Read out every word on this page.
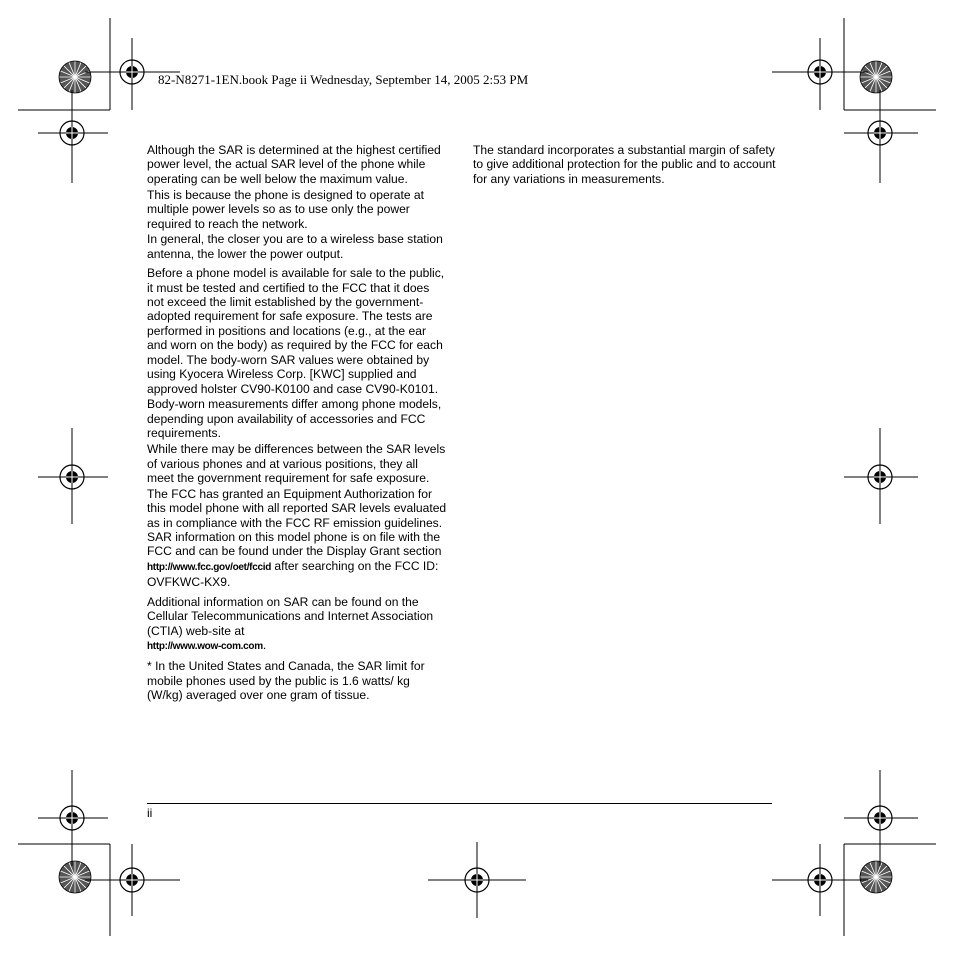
82-N8271-1EN.book Page ii Wednesday, September 14, 2005 2:53 PM

Although the SAR is determined at the highest certified power level, the actual SAR level of the phone while operating can be well below the maximum value.

This is because the phone is designed to operate at multiple power levels so as to use only the power required to reach the network.

In general, the closer you are to a wireless base station antenna, the lower the power output.

Before a phone model is available for sale to the public, it must be tested and certified to the FCC that it does not exceed the limit established by the government-adopted requirement for safe exposure. The tests are performed in positions and locations (e.g., at the ear and worn on the body) as required by the FCC for each model. The body-worn SAR values were obtained by using Kyocera Wireless Corp. [KWC] supplied and approved holster CV90-K0100 and case CV90-K0101.

Body-worn measurements differ among phone models, depending upon availability of accessories and FCC requirements.

While there may be differences between the SAR levels of various phones and at various positions, they all meet the government requirement for safe exposure.

The FCC has granted an Equipment Authorization for this model phone with all reported SAR levels evaluated as in compliance with the FCC RF emission guidelines. SAR information on this model phone is on file with the FCC and can be found under the Display Grant section
http://www.fcc.gov/oet/fccid after searching on the FCC ID: OVFKWC-KX9.

Additional information on SAR can be found on the Cellular Telecommunications and Internet Association (CTIA) web-site at
http://www.wow-com.com.

* In the United States and Canada, the SAR limit for mobile phones used by the public is 1.6 watts/ kg (W/kg) averaged over one gram of tissue.

The standard incorporates a substantial margin of safety to give additional protection for the public and to account for any variations in measurements.

ii
